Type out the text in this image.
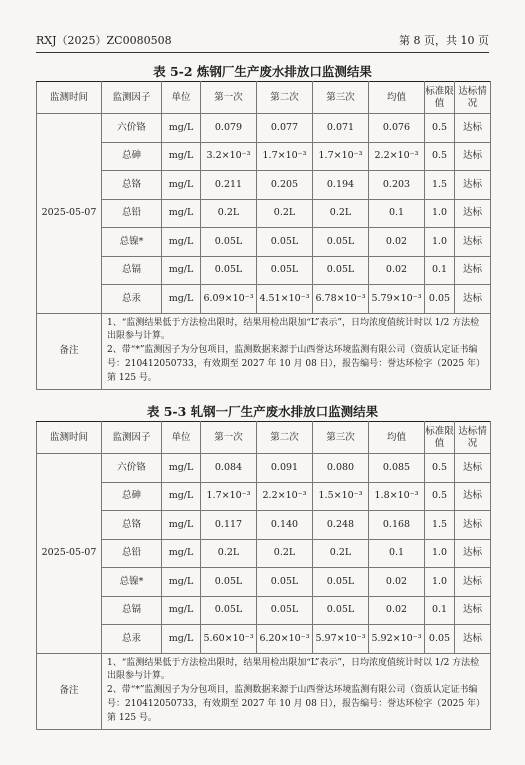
RXJ（2025）ZC0080508	第 8 页，共 10 页
表 5-2 炼钢厂生产废水排放口监测结果
监测时间	监测因子	单位	第一次	第二次	第三次	均值	标准限值	达标情况
2025-05-07	六价铬	mg/L	0.079	0.077	0.071	0.076	0.5	达标
	总砷	mg/L	3.2×10⁻³	1.7×10⁻³	1.7×10⁻³	2.2×10⁻³	0.5	达标
	总铬	mg/L	0.211	0.205	0.194	0.203	1.5	达标
	总铅	mg/L	0.2L	0.2L	0.2L	0.1	1.0	达标
	总镍*	mg/L	0.05L	0.05L	0.05L	0.02	1.0	达标
	总镉	mg/L	0.05L	0.05L	0.05L	0.02	0.1	达标
	总汞	mg/L	6.09×10⁻³	4.51×10⁻³	6.78×10⁻³	5.79×10⁻³	0.05	达标
备注	1、“监测结果低于方法检出限时，结果用检出限加“L”表示”，日均浓度值统计时以 1/2 方法检出限参与计算。
2、带“*”监测因子为分包项目，监测数据来源于山西誉达环境监测有限公司（资质认定证书编号：210412050733，有效期至 2027 年 10 月 08 日），报告编号：誉达环检字（2025 年）第 125 号。							
表 5-3 轧钢一厂生产废水排放口监测结果
监测时间	监测因子	单位	第一次	第二次	第三次	均值	标准限值	达标情况
2025-05-07	六价铬	mg/L	0.084	0.091	0.080	0.085	0.5	达标
	总砷	mg/L	1.7×10⁻³	2.2×10⁻³	1.5×10⁻³	1.8×10⁻³	0.5	达标
	总铬	mg/L	0.117	0.140	0.248	0.168	1.5	达标
	总铅	mg/L	0.2L	0.2L	0.2L	0.1	1.0	达标
	总镍*	mg/L	0.05L	0.05L	0.05L	0.02	1.0	达标
	总镉	mg/L	0.05L	0.05L	0.05L	0.02	0.1	达标
	总汞	mg/L	5.60×10⁻³	6.20×10⁻³	5.97×10⁻³	5.92×10⁻³	0.05	达标
备注	1、“监测结果低于方法检出限时，结果用检出限加“L”表示”，日均浓度值统计时以 1/2 方法检出限参与计算。
2、带“*”监测因子为分包项目，监测数据来源于山西誉达环境监测有限公司（资质认定证书编号：210412050733，有效期至 2027 年 10 月 08 日），报告编号：誉达环检字（2025 年）第 125 号。							
